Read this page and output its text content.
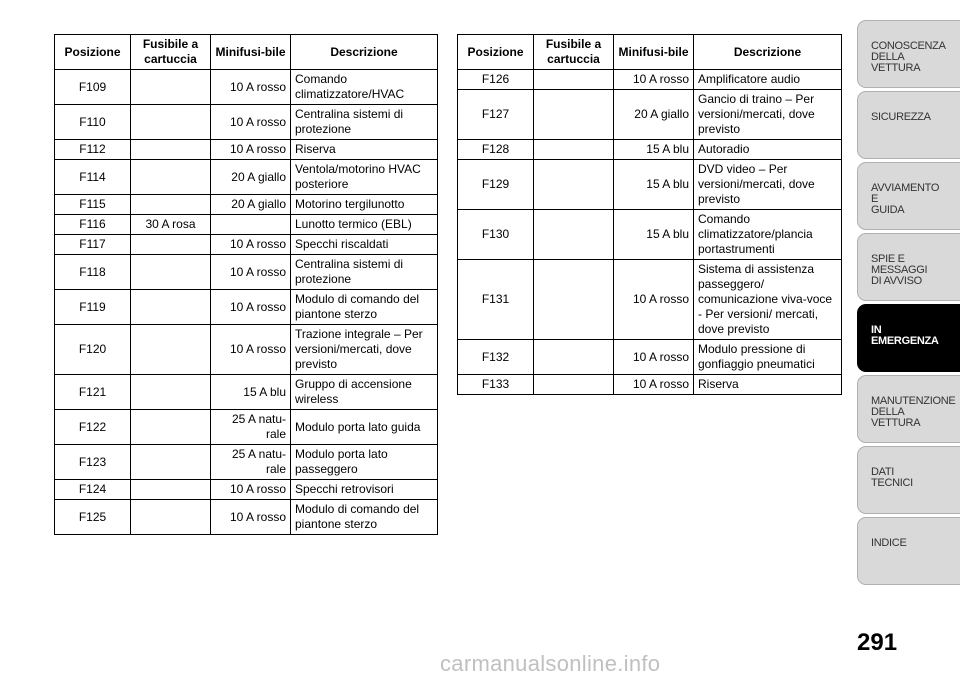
Posizione	Fusibile a cartuccia	Minifusi-bile	Descrizione
F109		10 A rosso	Comando climatizzatore/HVAC
F110		10 A rosso	Centralina sistemi di protezione
F112		10 A rosso	Riserva
F114		20 A giallo	Ventola/motorino HVAC posteriore
F115		20 A giallo	Motorino tergilunotto
F116	30 A rosa		Lunotto termico (EBL)
F117		10 A rosso	Specchi riscaldati
F118		10 A rosso	Centralina sistemi di protezione
F119		10 A rosso	Modulo di comando del piantone sterzo
F120		10 A rosso	Trazione integrale – Per versioni/mercati, dove previsto
F121		15 A blu	Gruppo di accensione wireless
F122		25 A natu-rale	Modulo porta lato guida
F123		25 A natu-rale	Modulo porta lato passeggero
F124		10 A rosso	Specchi retrovisori
F125		10 A rosso	Modulo di comando del piantone sterzo
Posizione	Fusibile a cartuccia	Minifusi-bile	Descrizione
F126		10 A rosso	Amplificatore audio
F127		20 A giallo	Gancio di traino – Per versioni/mercati, dove previsto
F128		15 A blu	Autoradio
F129		15 A blu	DVD video – Per versioni/mercati, dove previsto
F130		15 A blu	Comando climatizzatore/plancia portastrumenti
F131		10 A rosso	Sistema di assistenza passeggero/ comunicazione viva-voce - Per versioni/ mercati, dove previsto
F132		10 A rosso	Modulo pressione di gonfiaggio pneumatici
F133		10 A rosso	Riserva
CONOSCENZA
DELLA
VETTURA
SICUREZZA
AVVIAMENTO
E
GUIDA
SPIE E
MESSAGGI
DI AVVISO
IN
EMERGENZA
MANUTENZIONE
DELLA
VETTURA
DATI
TECNICI
INDICE
291
carmanualsonline.info
